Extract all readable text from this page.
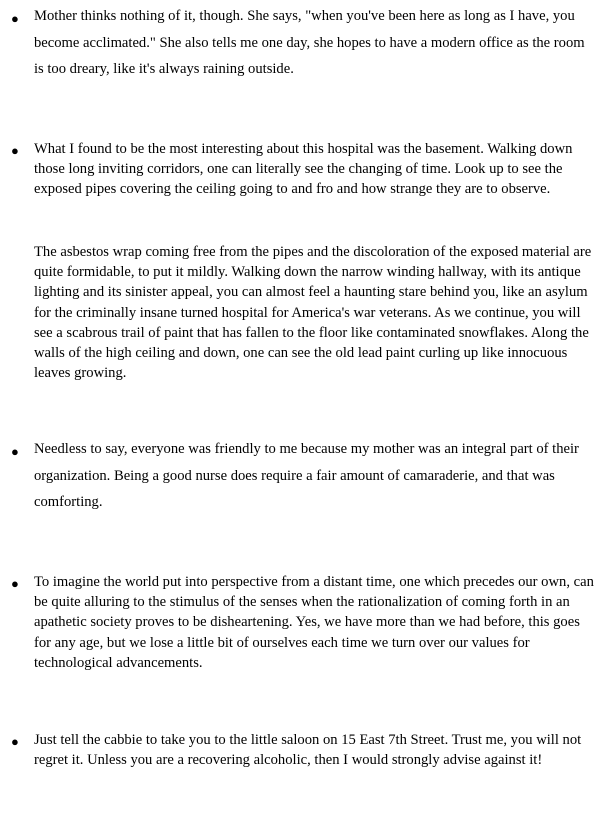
● Mother thinks nothing of it, though. She says, "when you've been here as long as I have, you become acclimated." She also tells me one day, she hopes to have a modern office as the room is too dreary, like it's always raining outside.

● What I found to be the most interesting about this hospital was the basement. Walking down those long inviting corridors, one can literally see the changing of time. Look up to see the exposed pipes covering the ceiling going to and fro and how strange they are to observe.

The asbestos wrap coming free from the pipes and the discoloration of the exposed material are quite formidable, to put it mildly. Walking down the narrow winding hallway, with its antique lighting and its sinister appeal, you can almost feel a haunting stare behind you, like an asylum for the criminally insane turned hospital for America's war veterans. As we continue, you will see a scabrous trail of paint that has fallen to the floor like contaminated snowflakes. Along the walls of the high ceiling and down, one can see the old lead paint curling up like innocuous leaves growing.

● Needless to say, everyone was friendly to me because my mother was an integral part of their organization. Being a good nurse does require a fair amount of camaraderie, and that was comforting.

● To imagine the world put into perspective from a distant time, one which precedes our own, can be quite alluring to the stimulus of the senses when the rationalization of coming forth in an apathetic society proves to be disheartening. Yes, we have more than we had before, this goes for any age, but we lose a little bit of ourselves each time we turn over our values for technological advancements.

● Just tell the cabbie to take you to the little saloon on 15 East 7th Street. Trust me, you will not regret it. Unless you are a recovering alcoholic, then I would strongly advise against it!
